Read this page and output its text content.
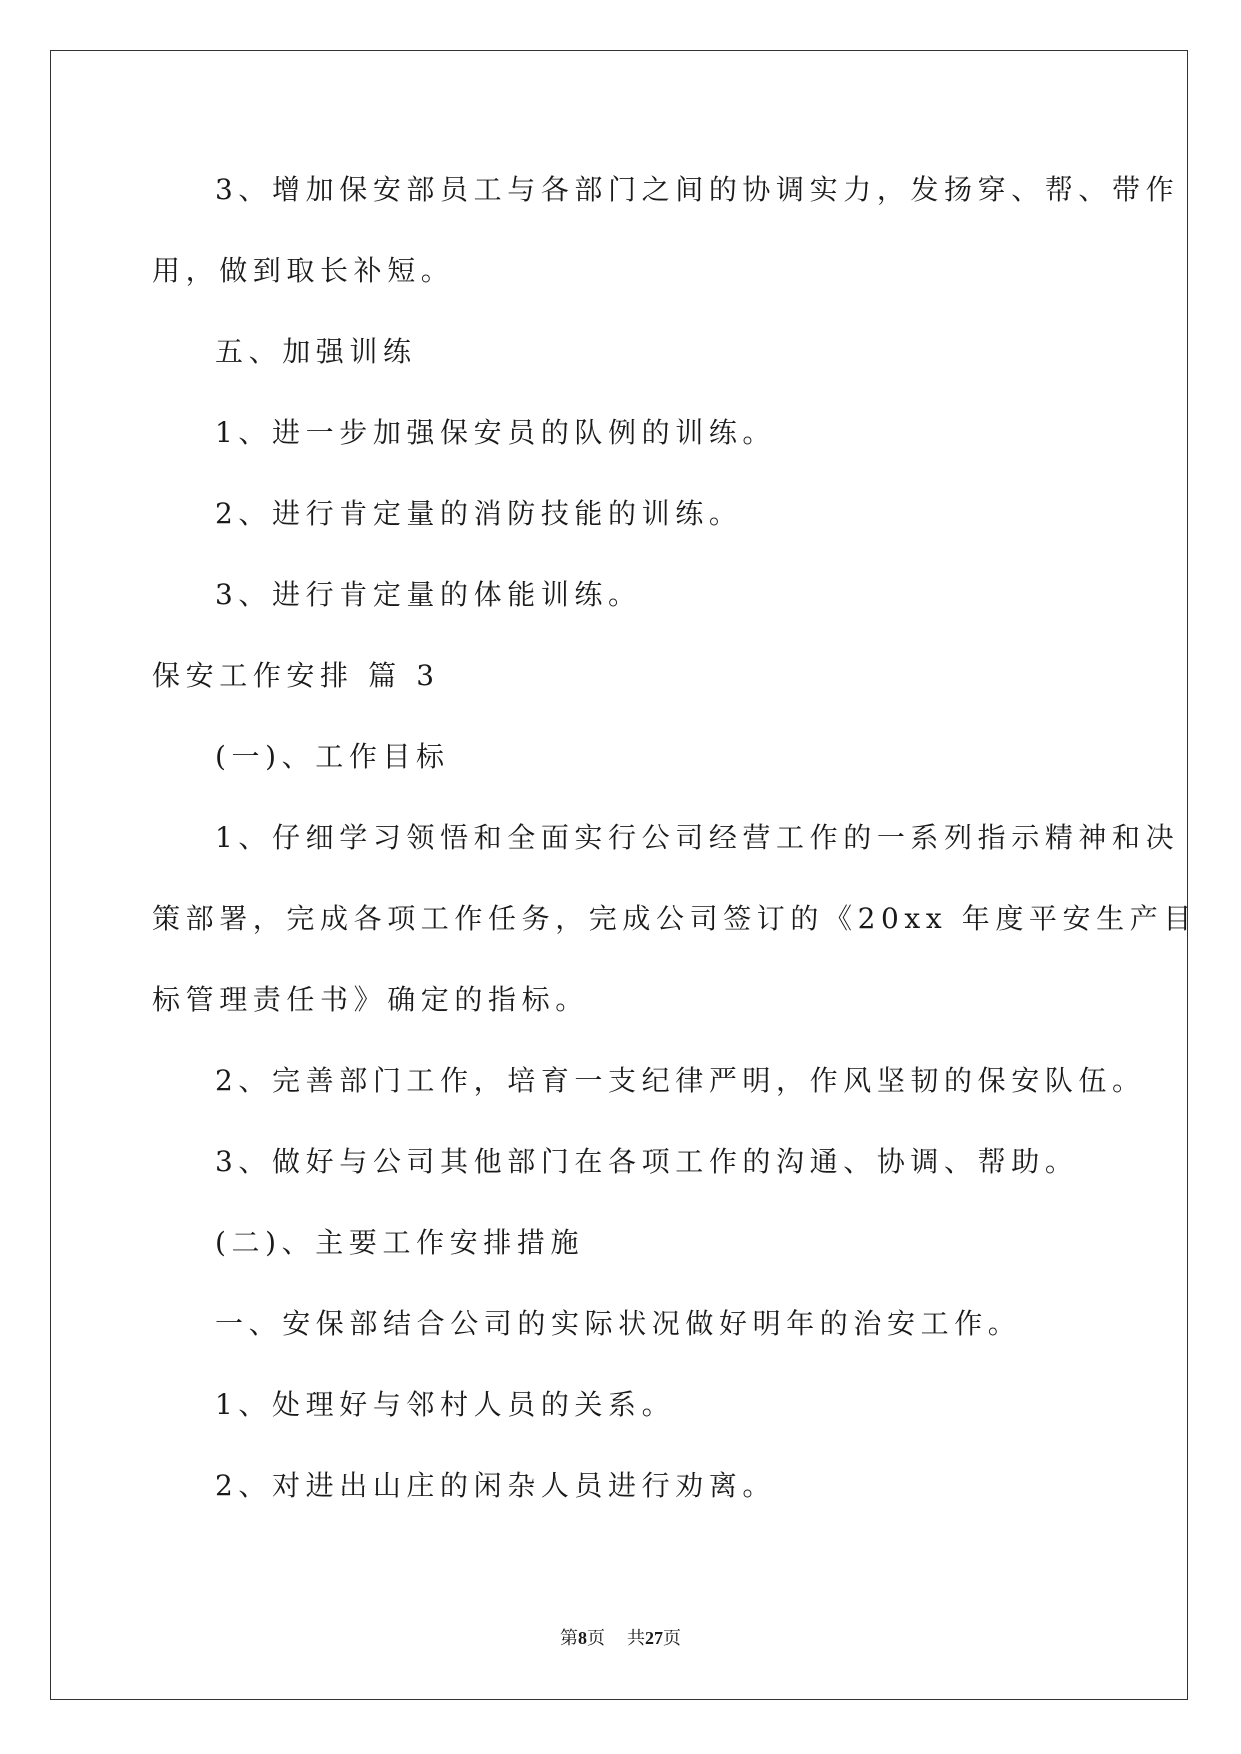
3、增加保安部员工与各部门之间的协调实力，发扬穿、帮、带作
用，做到取长补短。
五、加强训练
1、进一步加强保安员的队例的训练。
2、进行肯定量的消防技能的训练。
3、进行肯定量的体能训练。
保安工作安排 篇 3
(一)、工作目标
1、仔细学习领悟和全面实行公司经营工作的一系列指示精神和决
策部署，完成各项工作任务，完成公司签订的《20xx 年度平安生产目
标管理责任书》确定的指标。
2、完善部门工作，培育一支纪律严明，作风坚韧的保安队伍。
3、做好与公司其他部门在各项工作的沟通、协调、帮助。
(二)、主要工作安排措施
一、安保部结合公司的实际状况做好明年的治安工作。
1、处理好与邻村人员的关系。
2、对进出山庄的闲杂人员进行劝离。
第8页 共27页
